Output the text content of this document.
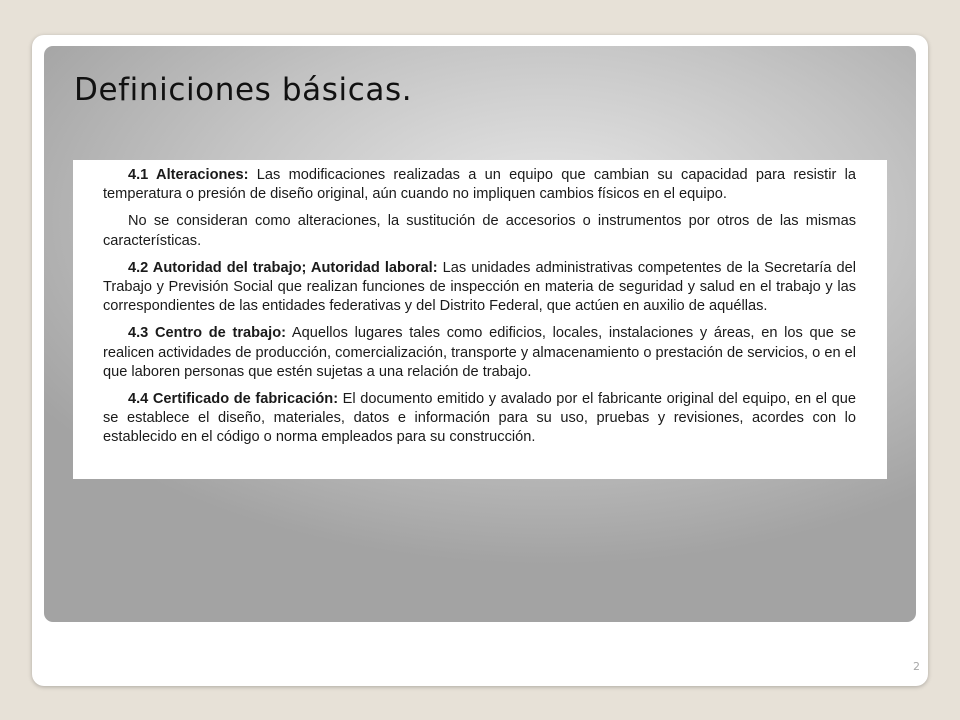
Definiciones básicas.

4.1 Alteraciones: Las modificaciones realizadas a un equipo que cambian su capacidad para resistir la temperatura o presión de diseño original, aún cuando no impliquen cambios físicos en el equipo.

No se consideran como alteraciones, la sustitución de accesorios o instrumentos por otros de las mismas características.

4.2 Autoridad del trabajo; Autoridad laboral: Las unidades administrativas competentes de la Secretaría del Trabajo y Previsión Social que realizan funciones de inspección en materia de seguridad y salud en el trabajo y las correspondientes de las entidades federativas y del Distrito Federal, que actúen en auxilio de aquéllas.

4.3 Centro de trabajo: Aquellos lugares tales como edificios, locales, instalaciones y áreas, en los que se realicen actividades de producción, comercialización, transporte y almacenamiento o prestación de servicios, o en el que laboren personas que estén sujetas a una relación de trabajo.

4.4 Certificado de fabricación: El documento emitido y avalado por el fabricante original del equipo, en el que se establece el diseño, materiales, datos e información para su uso, pruebas y revisiones, acordes con lo establecido en el código o norma empleados para su construcción.

2
